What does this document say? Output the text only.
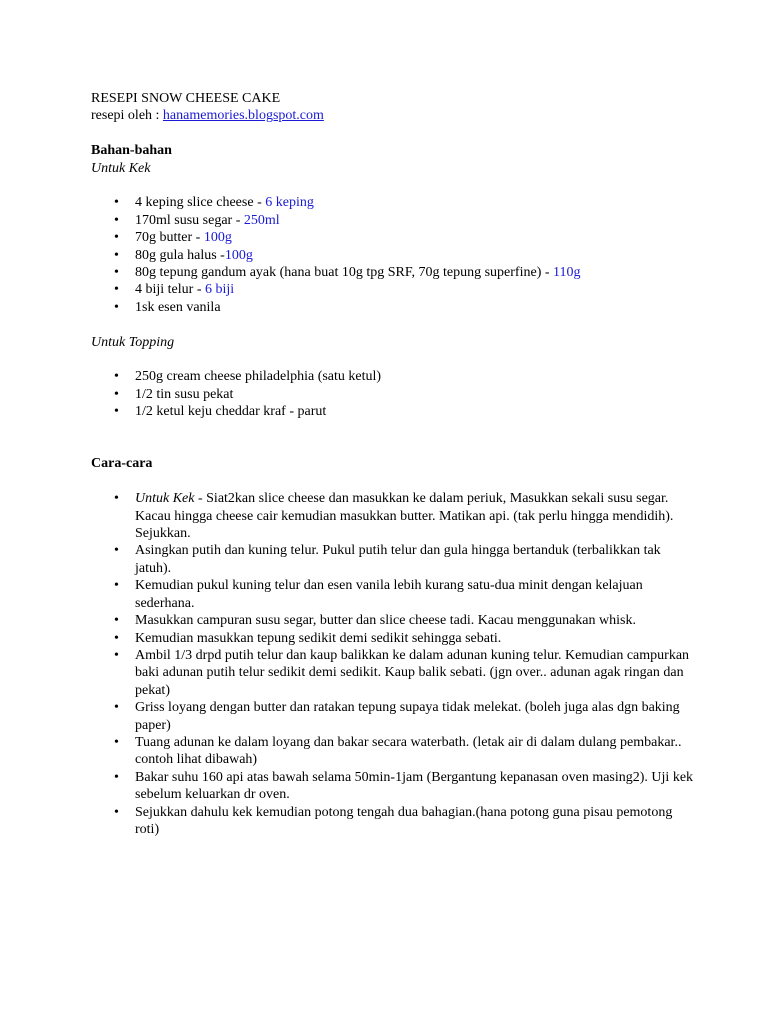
RESEPI SNOW CHEESE CAKE
resepi oleh : hanamemories.blogspot.com
Bahan-bahan
Untuk Kek
• 4 keping slice cheese - 6 keping
• 170ml susu segar - 250ml
• 70g butter - 100g
• 80g gula halus -100g
• 80g tepung gandum ayak (hana buat 10g tpg SRF, 70g tepung superfine) - 110g
• 4 biji telur - 6 biji
• 1sk esen vanila
Untuk Topping
• 250g cream cheese philadelphia (satu ketul)
• 1/2 tin susu pekat
• 1/2 ketul keju cheddar kraf - parut
Cara-cara
• Untuk Kek - Siat2kan slice cheese dan masukkan ke dalam periuk, Masukkan sekali susu segar. Kacau hingga cheese cair kemudian masukkan butter. Matikan api. (tak perlu hingga mendidih). Sejukkan.
• Asingkan putih dan kuning telur. Pukul putih telur dan gula hingga bertanduk (terbalikkan tak jatuh).
• Kemudian pukul kuning telur dan esen vanila lebih kurang satu-dua minit dengan kelajuan sederhana.
• Masukkan campuran susu segar, butter dan slice cheese tadi. Kacau menggunakan whisk.
• Kemudian masukkan tepung sedikit demi sedikit sehingga sebati.
• Ambil 1/3 drpd putih telur dan kaup balikkan ke dalam adunan kuning telur. Kemudian campurkan baki adunan putih telur sedikit demi sedikit. Kaup balik sebati. (jgn over.. adunan agak ringan dan pekat)
• Griss loyang dengan butter dan ratakan tepung supaya tidak melekat. (boleh juga alas dgn baking paper)
• Tuang adunan ke dalam loyang dan bakar secara waterbath. (letak air di dalam dulang pembakar.. contoh lihat dibawah)
• Bakar suhu 160 api atas bawah selama 50min-1jam (Bergantung kepanasan oven masing2). Uji kek sebelum keluarkan dr oven.
• Sejukkan dahulu kek kemudian potong tengah dua bahagian.(hana potong guna pisau pemotong roti)
